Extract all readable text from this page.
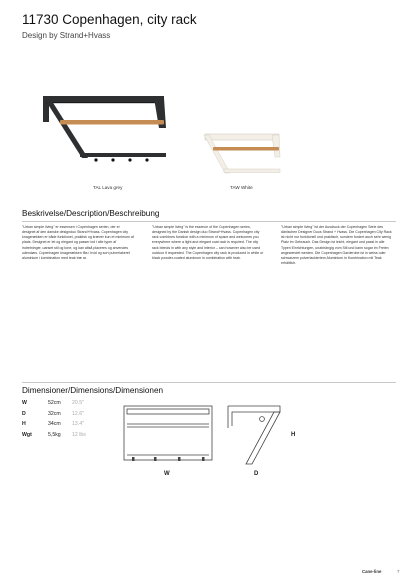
11730 Copenhagen, city rack
Design by Strand+Hvass
TAL Lava grey	TAW White
Beskrivelse/Description/Beschreibung
"Urban simple living" er essensen i Copenhagen serien, der er designet af den danske designduo Strand+Hvass. Copenhagen city knagerækken er både funktionel, praktisk og kræver kun et minimum af plads. Designet er let og elegant og passer ind i alle typer af indretninger, uanset stil og tone, og kan altså placeres og anvendes udendørs. Copenhagen knagerækken fås i hvid og sort pulverlakeret aluminium i kombination med teak træ ar.
"Urban simple living" is the essence of the Copenhagen series, designed by the Danish design duo Strand+Hvass. Copenhagen city rack combines function with a minimum of space and welcomes you everywhere where a light and elegant coat rack is required. The city rack blends in with any style and interior – can however also be used outdoor if requested. The Copenhagen city rack is produced in white or black powder-coated aluminum in combination with teak.
"Urban simple living" ist der Ausdruck der Copenhagen Serie des dänischen Designer Duos Strand + Hvass. Die Copenhagen City Rack ist nicht nur funktionell und praktisch, sondern fordert auch sehr wenig Platz im Gebrauch. Das Design ist leicht, elegant und passt in alle Typen Einrichtungen, unabhängig vom Stil und kann sogar im Freien angewendet werden. Die Copenhagen Garderobe ist in weiss oder schwarzem pulverlackiertem Aluminium in Kombination mit Teak erhältlich.
Dimensioner/Dimensions/Dimensionen
W	52cm 20.5"
D	32cm 12.6"
H	34cm 13.4"
Wgt	5,5kg 12 lbs
W	D
H
Cane-line	7
